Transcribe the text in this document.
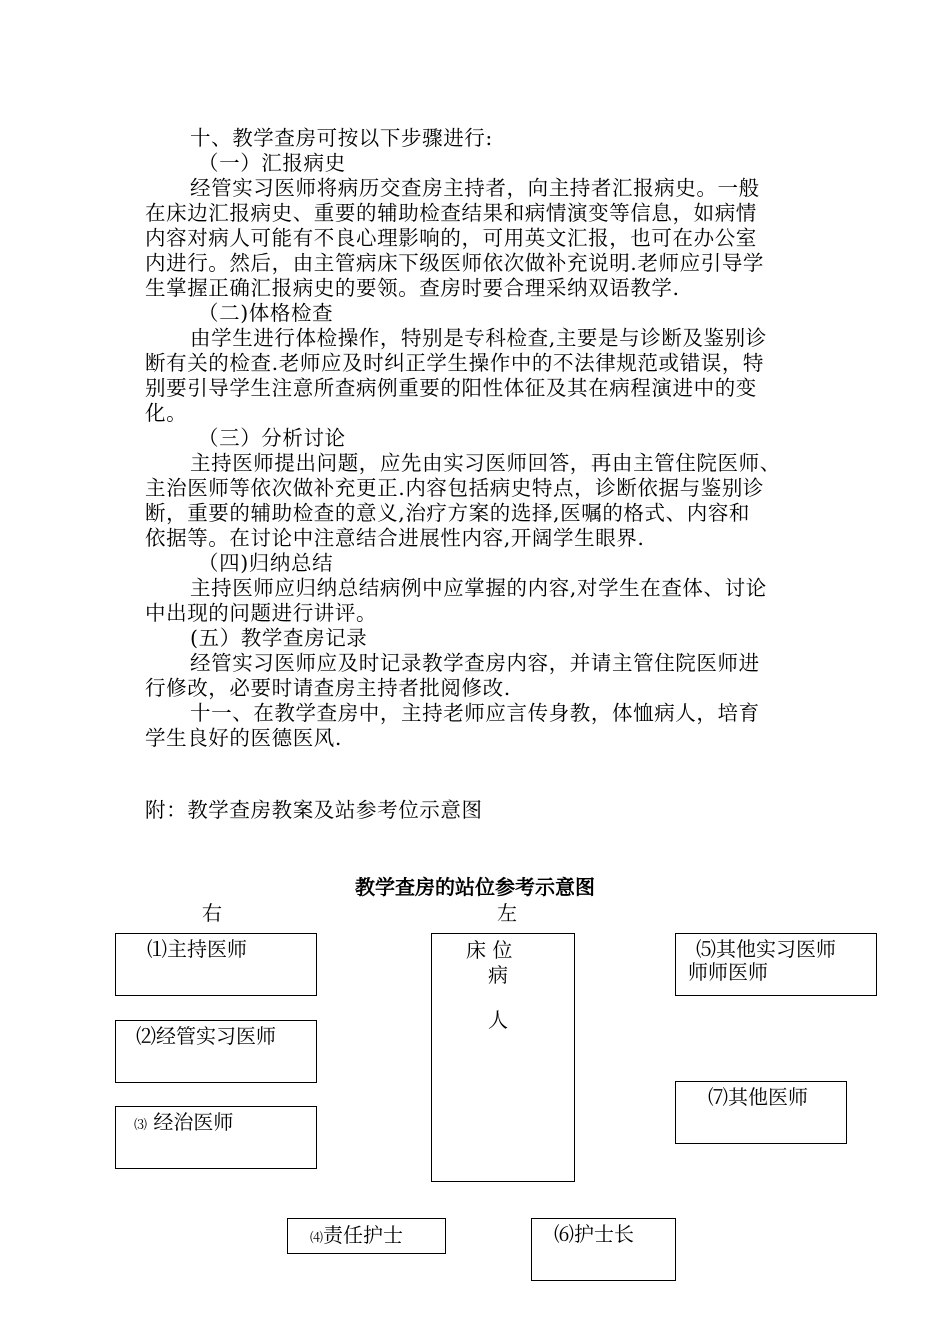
十、教学查房可按以下步骤进行:
（一）汇报病史
经管实习医师将病历交查房主持者，向主持者汇报病史。一般
在床边汇报病史、重要的辅助检查结果和病情演变等信息，如病情
内容对病人可能有不良心理影响的，可用英文汇报，也可在办公室
内进行。然后，由主管病床下级医师依次做补充说明.老师应引导学
生掌握正确汇报病史的要领。查房时要合理采纳双语教学.
（二)体格检查
由学生进行体检操作，特别是专科检查,主要是与诊断及鉴别诊
断有关的检查.老师应及时纠正学生操作中的不法律规范或错误，特
别要引导学生注意所查病例重要的阳性体征及其在病程演进中的变
化。
（三）分析讨论
主持医师提出问题，应先由实习医师回答，再由主管住院医师、
主治医师等依次做补充更正.内容包括病史特点，诊断依据与鉴别诊
断，重要的辅助检查的意义,治疗方案的选择,医嘱的格式、内容和
依据等。在讨论中注意结合进展性内容,开阔学生眼界.
（四)归纳总结
主持医师应归纳总结病例中应掌握的内容,对学生在查体、讨论
中出现的问题进行讲评。
(五）教学查房记录
经管实习医师应及时记录教学查房内容，并请主管住院医师进
行修改，必要时请查房主持者批阅修改.
十一、在教学查房中，主持老师应言传身教，体恤病人，培育
学生良好的医德医风.
附：教学查房教案及站参考位示意图
教学查房的站位参考示意图
右	左
床 位
病
人
⑴主持医师
⑵经管实习医师
⑶ 经治医师
⑸其他实习医师
师师医师
⑺其他医师
⑷责任护士	⑹护士长
